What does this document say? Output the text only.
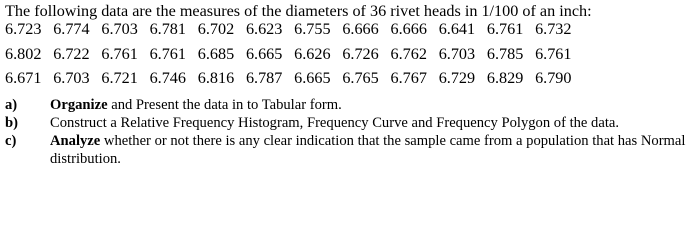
The following data are the measures of the diameters of 36 rivet heads in 1/100 of an inch:
6.723 6.774 6.703 6.781 6.702 6.623 6.755 6.666 6.666 6.641 6.761 6.732
6.802 6.722 6.761 6.761 6.685 6.665 6.626 6.726 6.762 6.703 6.785 6.761
6.671 6.703 6.721 6.746 6.816 6.787 6.665 6.765 6.767 6.729 6.829 6.790
a)	Organize and Present the data in to Tabular form.
b)	Construct a Relative Frequency Histogram, Frequency Curve and Frequency Polygon of the data.
c)	Analyze whether or not there is any clear indication that the sample came from a population that has Normal distribution.
